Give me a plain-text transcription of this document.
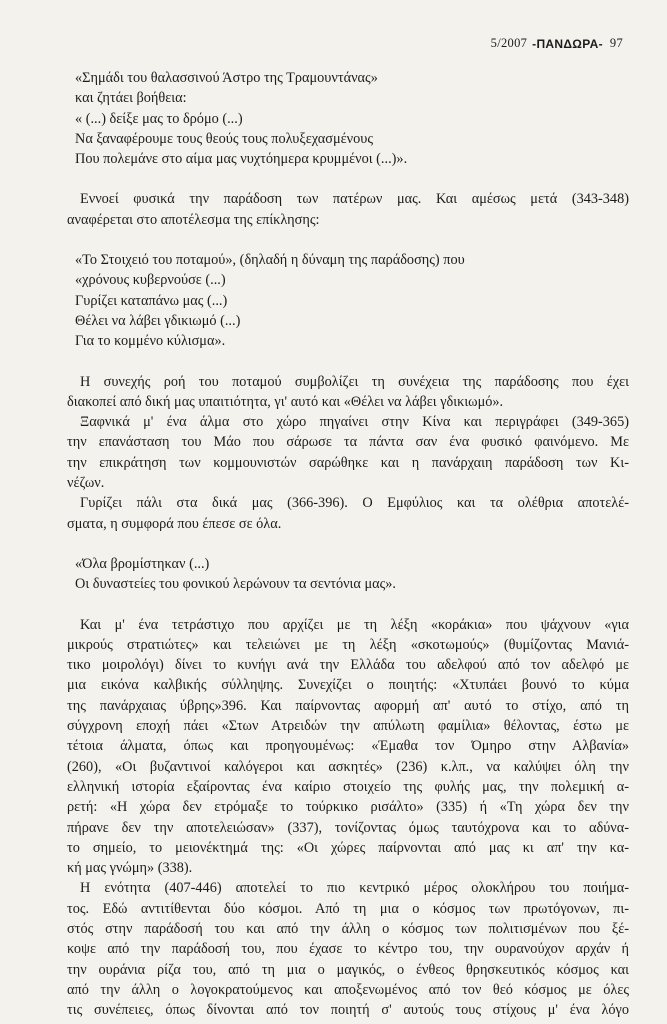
5/2007 -ΠΑΝΔΩΡΑ- 97
«Σημάδι του θαλασσινού Άστρο της Τραμουντάνας»
και ζητάει βοήθεια:
« (...) δείξε μας το δρόμο (...)
Να ξαναφέρουμε τους θεούς τους πολυξεχασμένους
Που πολεμάνε στο αίμα μας νυχτόημερα κρυμμένοι (...)».
Εννοεί φυσικά την παράδοση των πατέρων μας. Και αμέσως μετά (343-348)
αναφέρεται στο αποτέλεσμα της επίκλησης:
«Το Στοιχειό του ποταμού», (δηλαδή η δύναμη της παράδοσης) που
«χρόνους κυβερνούσε (...)
Γυρίζει καταπάνω μας (...)
Θέλει να λάβει γδικιωμό (...)
Για το κομμένο κύλισμα».
Η συνεχής ροή του ποταμού συμβολίζει τη συνέχεια της παράδοσης που έχει
διακοπεί από δική μας υπαιτιότητα, γι' αυτό και «Θέλει να λάβει γδικιωμό».
Ξαφνικά μ' ένα άλμα στο χώρο πηγαίνει στην Κίνα και περιγράφει (349-365)
την επανάσταση του Μάο που σάρωσε τα πάντα σαν ένα φυσικό φαινόμενο. Με
την επικράτηση των κομμουνιστών σαρώθηκε και η πανάρχαιη παράδοση των Κι-
νέζων.
Γυρίζει πάλι στα δικά μας (366-396). Ο Εμφύλιος και τα ολέθρια αποτελέ-
σματα, η συμφορά που έπεσε σε όλα.
«Όλα βρομίστηκαν (...)
Οι δυναστείες του φονικού λερώνουν τα σεντόνια μας».
Και μ' ένα τετράστιχο που αρχίζει με τη λέξη «κοράκια» που ψάχνουν «για
μικρούς στρατιώτες» και τελειώνει με τη λέξη «σκοτωμούς» (θυμίζοντας Μανιά-
τικο μοιρολόγι) δίνει το κυνήγι ανά την Ελλάδα του αδελφού από τον αδελφό με
μια εικόνα καλβικής σύλληψης. Συνεχίζει ο ποιητής: «Χτυπάει βουνό το κύμα
της πανάρχαιας ύβρης»396. Και παίρνοντας αφορμή απ' αυτό το στίχο, από τη
σύγχρονη εποχή πάει «Στων Ατρειδών την απύλωτη φαμίλια» θέλοντας, έστω με
τέτοια άλματα, όπως και προηγουμένως: «Έμαθα τον Όμηρο στην Αλβανία»
(260), «Οι βυζαντινοί καλόγεροι και ασκητές» (236) κ.λπ., να καλύψει όλη την
ελληνική ιστορία εξαίροντας ένα καίριο στοιχείο της φυλής μας, την πολεμική α-
ρετή: «Η χώρα δεν ετρόμαξε το τούρκικο ρισάλτο» (335) ή «Τη χώρα δεν την
πήρανε δεν την αποτελειώσαν» (337), τονίζοντας όμως ταυτόχρονα και το αδύνα-
το σημείο, το μειονέκτημά της: «Οι χώρες παίρνονται από μας κι απ' την κα-
κή μας γνώμη» (338).
Η ενότητα (407-446) αποτελεί το πιο κεντρικό μέρος ολοκλήρου του ποιήμα-
τος. Εδώ αντιτίθενται δύο κόσμοι. Από τη μια ο κόσμος των πρωτόγονων, πι-
στός στην παράδοσή του και από την άλλη ο κόσμος των πολιτισμένων που ξέ-
κοψε από την παράδοσή του, που έχασε το κέντρο του, την ουρανούχον αρχάν ή
την ουράνια ρίζα του, από τη μια ο μαγικός, ο ένθεος θρησκευτικός κόσμος και
από την άλλη ο λογοκρατούμενος και αποξενωμένος από τον θεό κόσμος με όλες
τις συνέπειες, όπως δίνονται από τον ποιητή σ' αυτούς τους στίχους μ' ένα λόγο
